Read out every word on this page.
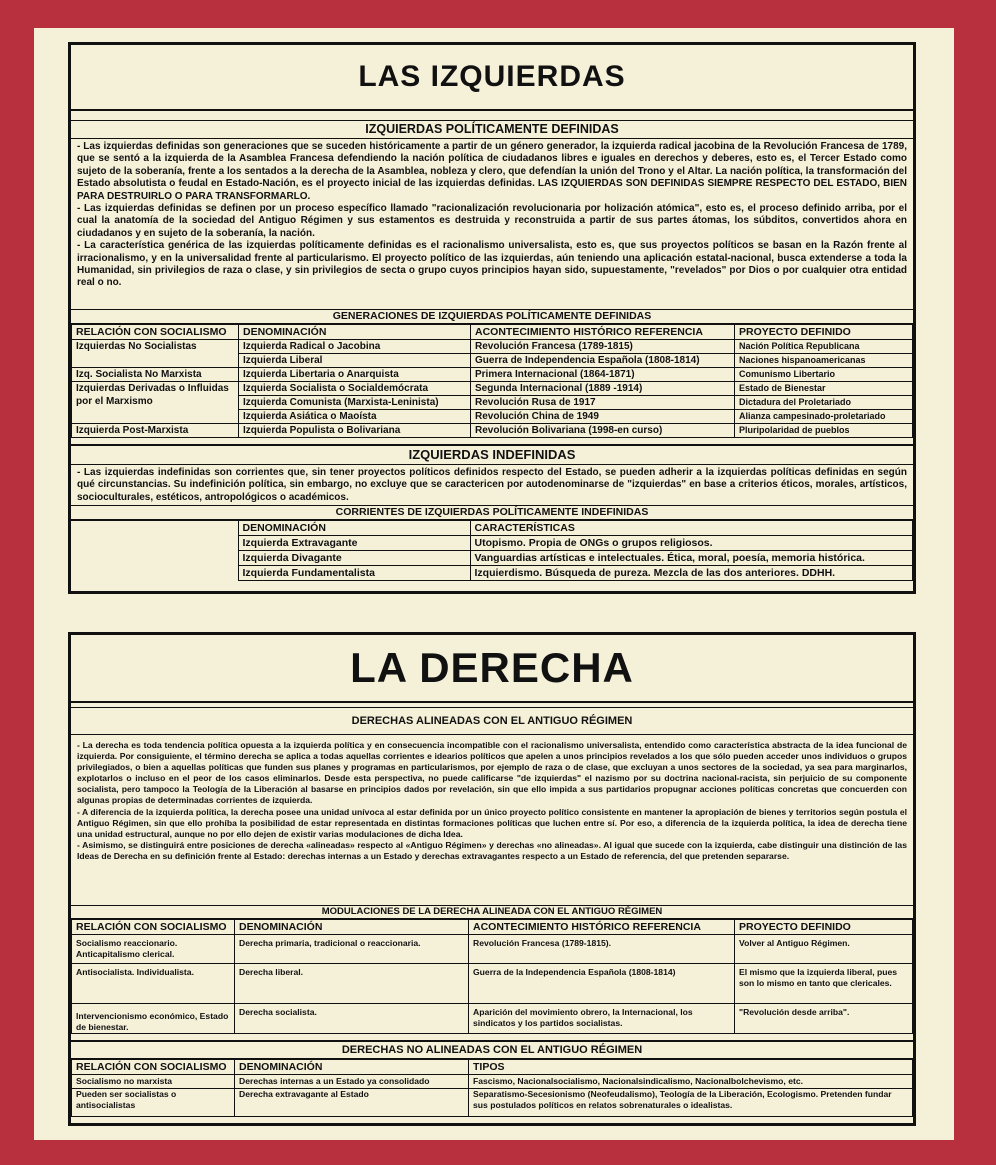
LAS IZQUIERDAS
IZQUIERDAS POLÍTICAMENTE DEFINIDAS
- Las izquierdas definidas son generaciones que se suceden históricamente a partir de un género generador, la izquierda radical jacobina de la Revolución Francesa de 1789, que se sentó a la izquierda de la Asamblea Francesa defendiendo la nación política de ciudadanos libres e iguales en derechos y deberes, esto es, el Tercer Estado como sujeto de la soberanía, frente a los sentados a la derecha de la Asamblea, nobleza y clero, que defendían la unión del Trono y el Altar. La nación política, la transformación del Estado absolutista o feudal en Estado-Nación, es el proyecto inicial de las izquierdas definidas. LAS IZQUIERDAS SON DEFINIDAS SIEMPRE RESPECTO DEL ESTADO, BIEN PARA DESTRUIRLO O PARA TRANSFORMARLO.
- Las izquierdas definidas se definen por un proceso específico llamado "racionalización revolucionaria por holización atómica", esto es, el proceso definido arriba, por el cual la anatomía de la sociedad del Antiguo Régimen y sus estamentos es destruida y reconstruida a partir de sus partes átomas, los súbditos, convertidos ahora en ciudadanos y en sujeto de la soberanía, la nación.
- La característica genérica de las izquierdas políticamente definidas es el racionalismo universalista, esto es, que sus proyectos políticos se basan en la Razón frente al irracionalismo, y en la universalidad frente al particularismo. El proyecto político de las izquierdas, aún teniendo una aplicación estatal-nacional, busca extenderse a toda la Humanidad, sin privilegios de raza o clase, y sin privilegios de secta o grupo cuyos principios hayan sido, supuestamente, "revelados" por Dios o por cualquier otra entidad real o no.
GENERACIONES DE IZQUIERDAS POLÍTICAMENTE DEFINIDAS
RELACIÓN CON SOCIALISMO	DENOMINACIÓN	ACONTECIMIENTO HISTÓRICO REFERENCIA	PROYECTO DEFINIDO
Izquierdas No Socialistas	Izquierda Radical o Jacobina	Revolución Francesa (1789-1815)	Nación Política Republicana
	Izquierda Liberal	Guerra de Independencia Española (1808-1814)	Naciones hispanoamericanas
Izq. Socialista No Marxista	Izquierda Libertaria o Anarquista	Primera Internacional (1864-1871)	Comunismo Libertario
Izquierdas Derivadas o Influidas por el Marxismo	Izquierda Socialista o Socialdemócrata	Segunda Internacional (1889 -1914)	Estado de Bienestar
	Izquierda Comunista (Marxista-Leninista)	Revolución Rusa de 1917	Dictadura del Proletariado
	Izquierda Asiática o Maoísta	Revolución China de 1949	Alianza campesinado-proletariado
Izquierda Post-Marxista	Izquierda Populista o Bolivariana	Revolución Bolivariana (1998-en curso)	Pluripolaridad de pueblos
IZQUIERDAS INDEFINIDAS
- Las izquierdas indefinidas son corrientes que, sin tener proyectos políticos definidos respecto del Estado, se pueden adherir a la izquierdas políticas definidas en según qué circunstancias. Su indefinición política, sin embargo, no excluye que se caractericen por autodenominarse de "izquierdas" en base a criterios éticos, morales, artísticos, socioculturales, estéticos, antropológicos o académicos.
CORRIENTES DE IZQUIERDAS POLÍTICAMENTE INDEFINIDAS
	DENOMINACIÓN	CARACTERÍSTICAS
	Izquierda Extravagante	Utopismo. Propia de ONGs o grupos religiosos.
	Izquierda Divagante	Vanguardias artísticas e intelectuales. Ética, moral, poesía, memoria histórica.
	Izquierda Fundamentalista	Izquierdismo. Búsqueda de pureza. Mezcla de las dos anteriores. DDHH.
LA DERECHA
DERECHAS ALINEADAS CON EL ANTIGUO RÉGIMEN
- La derecha es toda tendencia política opuesta a la izquierda política y en consecuencia incompatible con el racionalismo universalista, entendido como característica abstracta de la idea funcional de izquierda. Por consiguiente, el término derecha se aplica a todas aquellas corrientes e idearios políticos que apelen a unos principios revelados a los que sólo pueden acceder unos individuos o grupos privilegiados, o bien a aquellas políticas que funden sus planes y programas en particularismos, por ejemplo de raza o de clase, que excluyan a unos sectores de la sociedad, ya sea para marginarlos, explotarlos o incluso en el peor de los casos eliminarlos. Desde esta perspectiva, no puede calificarse "de izquierdas" el nazismo por su doctrina nacional-racista, sin perjuicio de su componente socialista, pero tampoco la Teología de la Liberación al basarse en principios dados por revelación, sin que ello impida a sus partidarios propugnar acciones políticas concretas que concuerden con algunas propias de determinadas corrientes de izquierda.
- A diferencia de la izquierda política, la derecha posee una unidad unívoca al estar definida por un único proyecto político consistente en mantener la apropiación de bienes y territorios según postula el Antiguo Régimen, sin que ello prohíba la posibilidad de estar representada en distintas formaciones políticas que luchen entre sí. Por eso, a diferencia de la izquierda política, la idea de derecha tiene una unidad estructural, aunque no por ello dejen de existir varias modulaciones de dicha Idea.
- Asimismo, se distinguirá entre posiciones de derecha «alineadas» respecto al «Antiguo Régimen» y derechas «no alineadas». Al igual que sucede con la izquierda, cabe distinguir una distinción de las Ideas de Derecha en su definición frente al Estado: derechas internas a un Estado y derechas extravagantes respecto a un Estado de referencia, del que pretenden separarse.
MODULACIONES DE LA DERECHA ALINEADA CON EL ANTIGUO RÉGIMEN
RELACIÓN CON SOCIALISMO	DENOMINACIÓN	ACONTECIMIENTO HISTÓRICO REFERENCIA	PROYECTO DEFINIDO
Socialismo reaccionario. Anticapitalismo clerical.	Derecha primaria, tradicional o reaccionaria.	Revolución Francesa (1789-1815).	Volver al Antiguo Régimen.
Antisocialista. Individualista.	Derecha liberal.	Guerra de la Independencia Española (1808-1814)	El mismo que la izquierda liberal, pues son lo mismo en tanto que clericales.
Intervencionismo económico, Estado de bienestar.	Derecha socialista.	Aparición del movimiento obrero, la Internacional, los sindicatos y los partidos socialistas.	"Revolución desde arriba".
DERECHAS NO ALINEADAS CON EL ANTIGUO RÉGIMEN
RELACIÓN CON SOCIALISMO	DENOMINACIÓN	TIPOS
Socialismo no marxista	Derechas internas a un Estado ya consolidado	Fascismo, Nacionalsocialismo, Nacionalsindicalismo, Nacionalbolchevismo, etc.
Pueden ser socialistas o antisocialistas	Derecha extravagante al Estado	Separatismo-Secesionismo (Neofeudalismo), Teología de la Liberación, Ecologismo. Pretenden fundar sus postulados políticos en relatos sobrenaturales o idealistas.
